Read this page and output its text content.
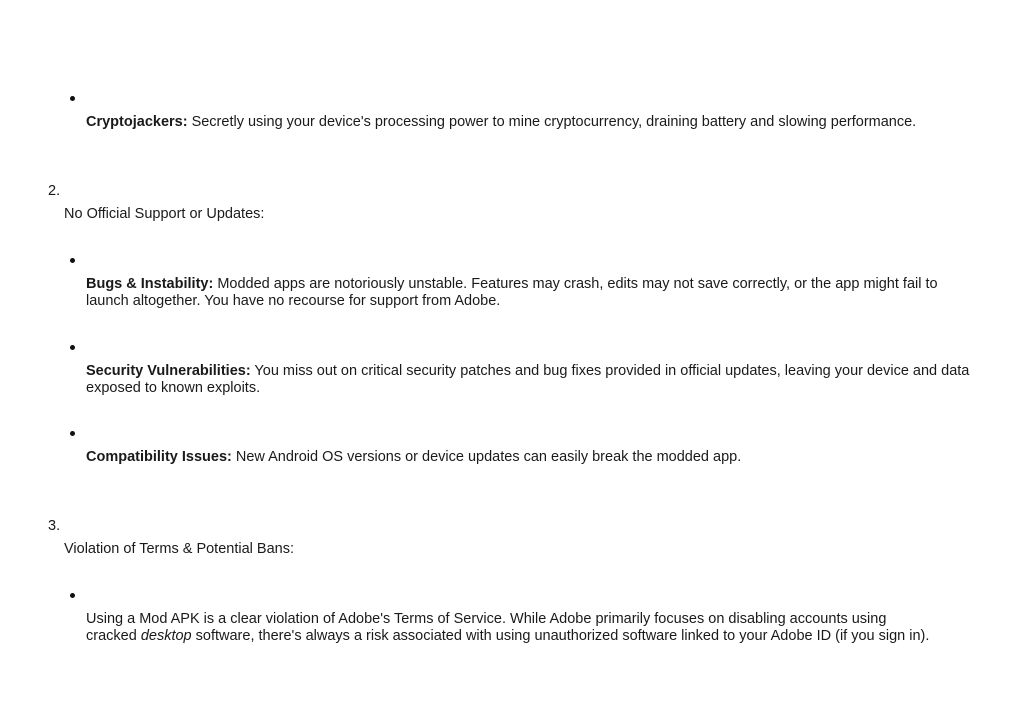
Cryptojackers: Secretly using your device's processing power to mine cryptocurrency, draining battery and slowing performance.
2.
No Official Support or Updates:
Bugs & Instability: Modded apps are notoriously unstable. Features may crash, edits may not save correctly, or the app might fail to
launch altogether. You have no recourse for support from Adobe.
Security Vulnerabilities: You miss out on critical security patches and bug fixes provided in official updates, leaving your device and data
exposed to known exploits.
Compatibility Issues: New Android OS versions or device updates can easily break the modded app.
3.
Violation of Terms & Potential Bans:
Using a Mod APK is a clear violation of Adobe's Terms of Service. While Adobe primarily focuses on disabling accounts using
cracked desktop software, there's always a risk associated with using unauthorized software linked to your Adobe ID (if you sign in).
